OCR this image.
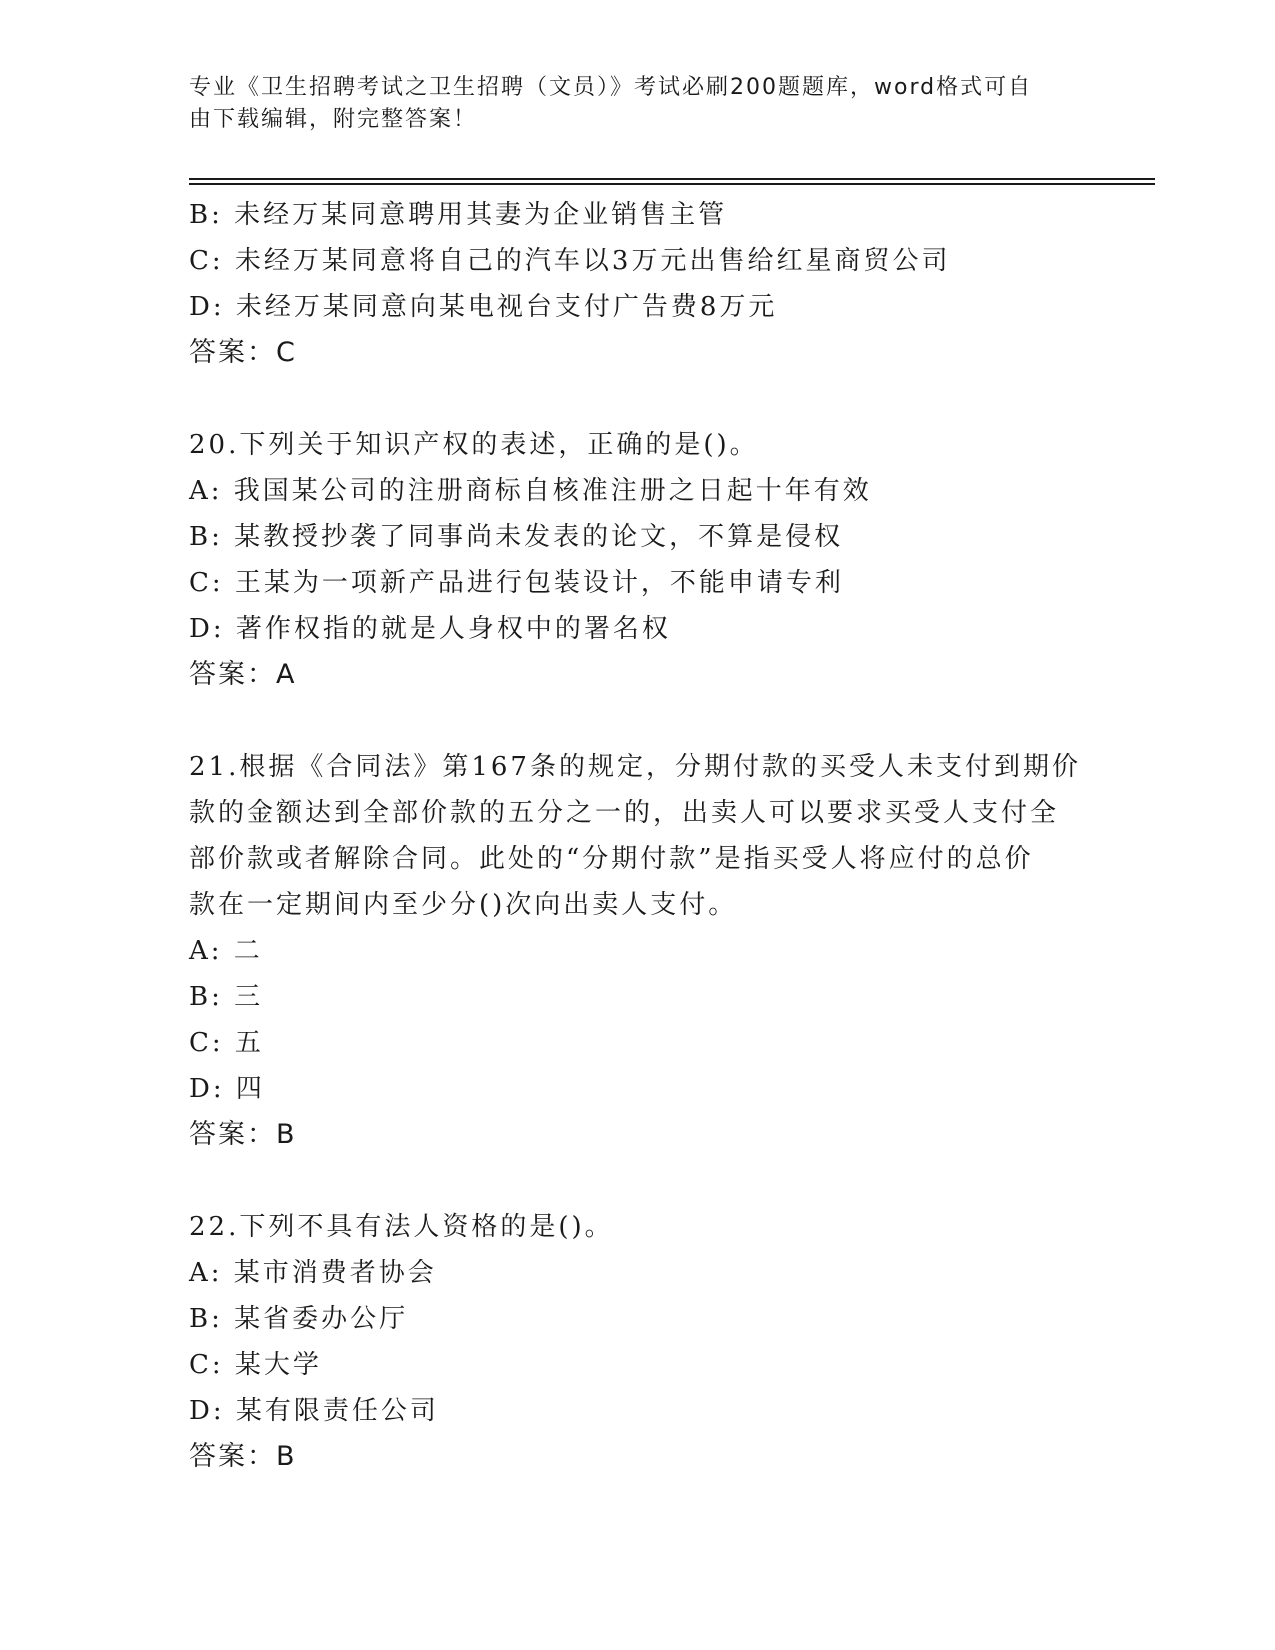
专业《卫生招聘考试之卫生招聘（文员）》考试必刷200题题库，word格式可自
由下载编辑，附完整答案！
B: 未经万某同意聘用其妻为企业销售主管
C: 未经万某同意将自己的汽车以3万元出售给红星商贸公司
D: 未经万某同意向某电视台支付广告费8万元
答案：C
20.下列关于知识产权的表述，正确的是()。
A: 我国某公司的注册商标自核准注册之日起十年有效
B: 某教授抄袭了同事尚未发表的论文，不算是侵权
C: 王某为一项新产品进行包装设计，不能申请专利
D: 著作权指的就是人身权中的署名权
答案：A
21.根据《合同法》第167条的规定，分期付款的买受人未支付到期价
款的金额达到全部价款的五分之一的，出卖人可以要求买受人支付全
部价款或者解除合同。此处的“分期付款”是指买受人将应付的总价
款在一定期间内至少分()次向出卖人支付。
A: 二
B: 三
C: 五
D: 四
答案：B
22.下列不具有法人资格的是()。
A: 某市消费者协会
B: 某省委办公厅
C: 某大学
D: 某有限责任公司
答案：B
